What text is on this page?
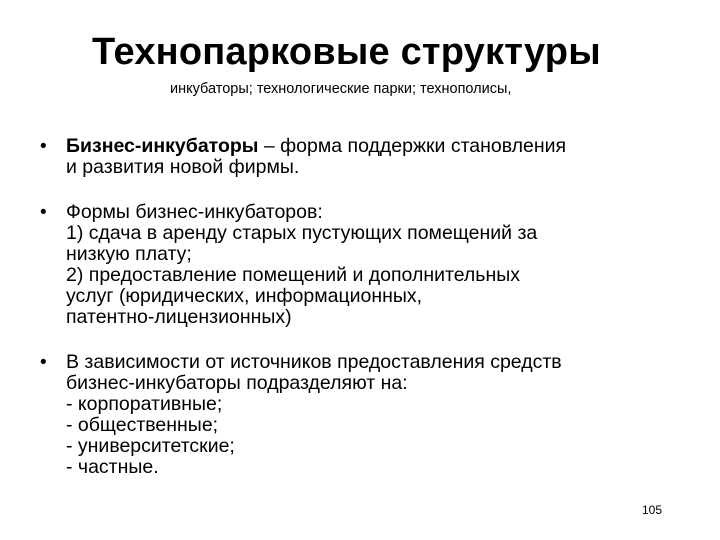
Технопарковые структуры
инкубаторы; технологические парки; технополисы,
• Бизнес-инкубаторы – форма поддержки становления
и развития новой фирмы.
• Формы бизнес-инкубаторов:
1) сдача в аренду старых пустующих помещений за
низкую плату;
2) предоставление помещений и дополнительных
услуг (юридических, информационных,
патентно-лицензионных)
• В зависимости от источников предоставления средств
бизнес-инкубаторы подразделяют на:
- корпоративные;
- общественные;
- университетские;
- частные.
105
